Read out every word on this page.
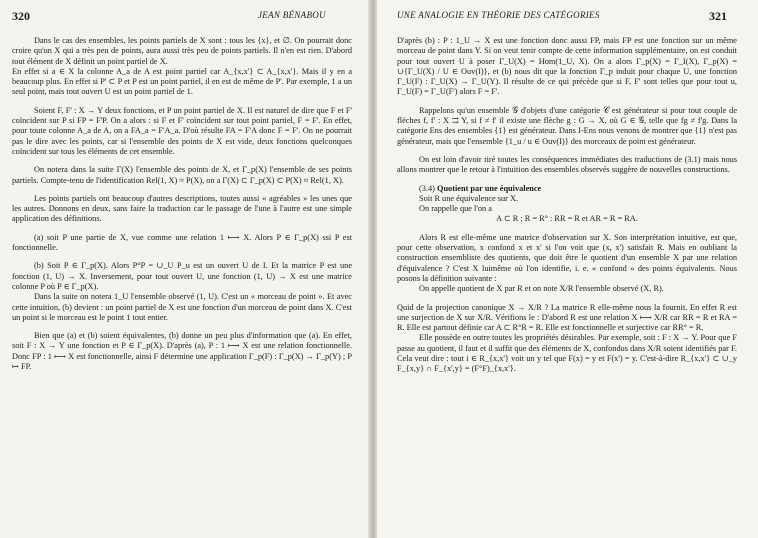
320	JEAN BÉNABOU

Dans le cas des ensembles, les points partiels de X sont : tous les {x}, et ∅. On pourrait donc croire qu'un X qui a très peu de points, aura aussi très peu de points partiels. Il n'en est rien. D'abord tout élément de X définit un point partiel de X.

En effet si a ∈ X la colonne A_a de A est point partiel car A_{x,x'} ⊂ A_{x,x'}. Mais il y en a beaucoup plus. En effet si P' ⊂ P et P est un point partiel, il en est de même de P'. Par exemple, 1 a un seul point, mais tout ouvert U est un point partiel de 1.

Soient F, F' : X → Y deux fonctions, et P un point partiel de X. Il est naturel de dire que F et F' coïncident sur P si FP = F'P. On a alors : si F et F' coïncident sur tout point partiel, F = F'. En effet, pour toute colonne A_a de A, on a FA_a = F'A_a. D'où résulte FA = F'A donc F = F'. On ne pourrait pas le dire avec les points, car si l'ensemble des points de X est vide, deux fonctions quelconques coïncident sur tous les éléments de cet ensemble.

On notera dans la suite Γ(X) l'ensemble des points de X, et Γ_p(X) l'ensemble de ses points partiels. Compte-tenu de l'identification Rel(1, X) ≈ P(X), on a Γ(X) ⊂ Γ_p(X) ⊂ P(X) ≈ Rel(1, X).

Les points partiels ont beaucoup d'autres descriptions, toutes aussi « agréables » les unes que les autres. Donnons en deux, sans faire la traduction car le passage de l'une à l'autre est une simple application des définitions.

(a) soit P une partie de X, vue comme une relation 1 ⟼ X. Alors P ∈ Γ_p(X) ssi P est fonctionnelle.

(b) Soit P ∈ Γ_p(X). Alors P°P = ∪_U P_u est un ouvert U de I. Et la matrice P est une fonction (1, U) → X. Inversement, pour tout ouvert U, une fonction (1, U) → X est une matrice colonne P où P ∈ Γ_p(X).

Dans la suite on notera 1_U l'ensemble observé (1, U). C'est un « morceau de point ». Et avec cette intuition, (b) devient : un point partiel de X est une fonction d'un morceau de point dans X. C'est un point si le morceau est le point 1 tout entier.

Bien que (a) et (b) soient équivalentes, (b) donne un peu plus d'information que (a). En effet, soit F : X → Y une fonction et P ∈ Γ_p(X). D'après (a), P : 1 ⟼ X est une relation fonctionnelle. Donc FP : 1 ⟼ X est fonctionnelle, ainsi F détermine une application Γ_p(F) : Γ_p(X) → Γ_p(Y) ; P ↦ FP.

UNE ANALOGIE EN THÉORIE DES CATÉGORIES	321

D'après (b) : P : 1_U → X est une fonction donc aussi FP, mais FP est une fonction sur un même morceau de point dans Y. Si on veut tenir compte de cette information supplémentaire, on est conduit pour tout ouvert U à poser Γ_U(X) = Hom(1_U, X). On a alors Γ_p(X) = Γ_I(X), Γ_p(X) = ∪{Γ_U(X) / U ∈ Ouv(I)}, et (b) nous dit que la fonction Γ_p induit pour chaque U, une fonction Γ_U(F) : Γ_U(X) → Γ_U(Y). Il résulte de ce qui précède que si F, F' sont telles que pour tout u, Γ_U(F) = Γ_U(F') alors F = F'.

Rappelons qu'un ensemble 𝒢 d'objets d'une catégorie 𝒞 est générateur si pour tout couple de flèches f, f' : X ⇉ Y, si f ≠ f' il existe une flèche g : G → X, où G ∈ 𝒢, telle que fg ≠ f'g. Dans la catégorie Ens des ensembles {1} est générateur. Dans I-Ens nous venons de montrer que {1} n'est pas générateur, mais que l'ensemble {1_u / u ∈ Ouv(I)} des morceaux de point est générateur.

On est loin d'avoir tiré toutes les conséquences immédiates des traductions de (3.1) mais nous allons montrer que le retour à l'intuition des ensembles observés suggère de nouvelles constructions.

(3.4) Quotient par une équivalence
Soit R une équivalence sur X.
On rappelle que l'on a
A ⊂ R ; R = R° : RR = R et AR = R = RA.

Alors R est elle-même une matrice d'observation sur X. Son interprétation intuitive, est que, pour cette observation, x confond x et x' si l'on voit que (x, x') satisfait R. Mais en oubliant la construction ensembliste des quotients, que doit être le quotient d'un ensemble X par une relation d'équivalence ? C'est X luimême où l'on identifie, i. e. « confond » des points équivalents. Nous posons la définition suivante :

On appelle quotient de X par R et on note X/R l'ensemble observé (X, R).

Quid de la projection canonique X → X/R ? La matrice R elle-même nous la fournit. En effet R est une surjection de X sur X/R. Vérifions le : D'abord R est une relation X ⟼ X/R car RR = R et RA = R. Elle est partout définie car A ⊂ R°R = R. Elle est fonctionnelle et surjective car RR° = R.

Elle possède en outre toutes les propriétés désirables. Par exemple, soit : F : X → Y. Pour que F passe au quotient, il faut et il suffit que des éléments de X, confondus dans X/R soient identifiés par F. Cela veut dire : tout i ∈ R_{x,x'} voit un y tel que F(x) = y et F(x') = y. C'est-à-dire R_{x,x'} ⊂ ∪_y F_{x,y} ∩ F_{x',y} = (F°F)_{x,x'}.
